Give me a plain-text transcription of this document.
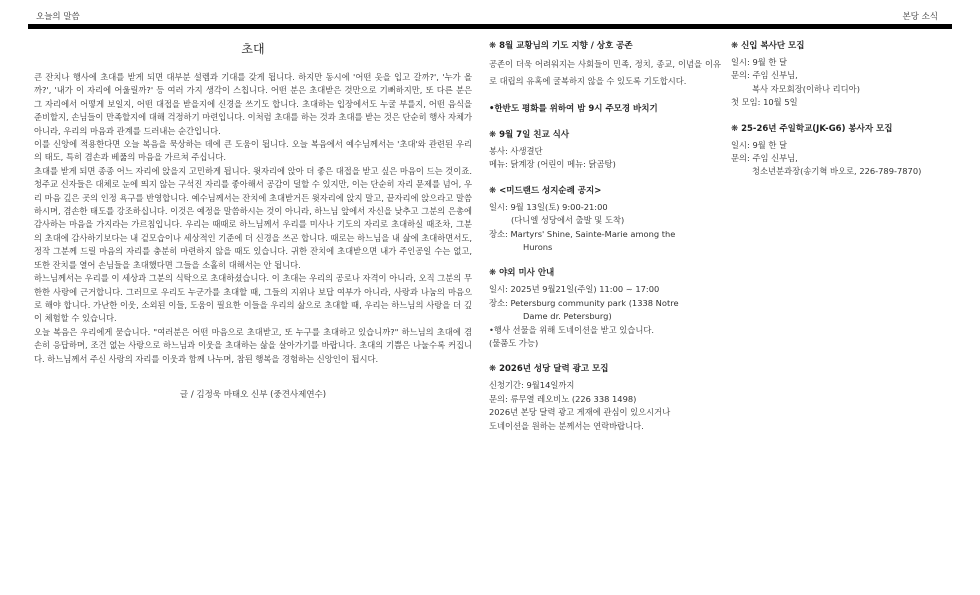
오늘의 말씀	본당 소식
초대

큰 잔치나 행사에 초대를 받게 되면 대부분 설렘과 기대를 갖게 됩니다. 하지만 동시에 '어떤 옷을 입고 갈까?', '누가 올까?', '내가 이 자리에 어울릴까?' 등 여러 가지 생각이 스칩니다. 어떤 분은 초대받은 것만으로 기뻐하지만, 또 다른 분은 그 자리에서 어떻게 보일지, 어떤 대접을 받을지에 신경을 쓰기도 합니다. 초대하는 입장에서도 누굴 부를지, 어떤 음식을 준비할지, 손님들이 만족할지에 대해 걱정하기 마련입니다. 이처럼 초대를 하는 것과 초대를 받는 것은 단순히 행사 자체가 아니라, 우리의 마음과 관계를 드러내는 순간입니다.

이를 신앙에 적용한다면 오늘 복음을 묵상하는 데에 큰 도움이 됩니다. 오늘 복음에서 예수님께서는 '초대'와 관련된 우리의 태도, 특히 겸손과 베풂의 마음을 가르쳐 주십니다.

초대를 받게 되면 종종 어느 자리에 앉을지 고민하게 됩니다. 윗자리에 앉아 더 좋은 대접을 받고 싶은 마음이 드는 것이죠. 청주교 신자들은 대체로 눈에 띄지 않는 구석진 자리를 좋아해서 공감이 덜할 수 있지만, 이는 단순히 자리 문제를 넘어, 우리 마음 깊은 곳의 인정 욕구를 반영합니다. 예수님께서는 잔치에 초대받거든 윗자리에 앉지 말고, 끝자리에 앉으라고 말씀하시며, 겸손한 태도를 강조하십니다. 이것은 예정을 말씀하시는 것이 아니라, 하느님 앞에서 자신을 낮추고 그분의 은총에 감사하는 마음을 가지라는 가르침입니다. 우리는 때때로 하느님께서 우리를 미사나 기도의 자리로 초대하실 때조차, 그분의 초대에 감사하기보다는 내 겉모습이나 세상적인 기준에 더 신경을 쓰곤 합니다. 때로는 하느님을 내 삶에 초대하면서도, 정작 그분께 드릴 마음의 자리를 충분히 마련하지 않을 때도 있습니다. 귀한 잔치에 초대받으면 내가 주인공일 수는 없고, 또한 잔치를 열어 손님들을 초대했다면 그들을 소홀히 대해서는 안 됩니다.

하느님께서는 우리를 이 세상과 그분의 식탁으로 초대하셨습니다. 이 초대는 우리의 공로나 자격이 아니라, 오직 그분의 무한한 사랑에 근거합니다. 그러므로 우리도 누군가를 초대할 때, 그들의 지위나 보답 여부가 아니라, 사랑과 나눔의 마음으로 해야 합니다. 가난한 이웃, 소외된 이들, 도움이 필요한 이들을 우리의 삶으로 초대할 때, 우리는 하느님의 사랑을 더 깊이 체험할 수 있습니다.

오늘 복음은 우리에게 묻습니다. "여러분은 어떤 마음으로 초대받고, 또 누구를 초대하고 있습니까?" 하느님의 초대에 겸손히 응답하며, 조건 없는 사랑으로 하느님과 이웃을 초대하는 삶을 살아가기를 바랍니다. 초대의 기쁨은 나눌수록 커집니다. 하느님께서 주신 사랑의 자리를 이웃과 함께 나누며, 참된 행복을 경험하는 신앙인이 됩시다.

글 / 김정욱 마태오 신부 (중견사제연수)
❋ 8월 교황님의 기도 지향 / 상호 공존
공존이 더욱 어려워지는 사회들이 민족, 정치, 종교, 이념을 이유로 대립의 유혹에 굴복하지 않을 수 있도록 기도합시다.
•한반도 평화를 위하여 밤 9시 주모경 바치기
❋ 9월 7일 친교 식사
봉사: 사생결단
메뉴: 닭계장 (어린이 메뉴: 닭곰탕)
❋ <미드랜드 성지순례 공지>
일시: 9월 13일(토) 9:00-21:00
(다니엘 성당에서 출발 및 도착)
장소: Martyrs' Shine, Sainte-Marie among the
Hurons
❋ 야외 미사 안내
일시: 2025년 9월21일(주일) 11:00 ~ 17:00
장소: Petersburg community park (1338 Notre
Dame dr. Petersburg)
•행사 선물을 위해 도네이션을 받고 있습니다.
(물품도 가능)
❋ 2026년 성당 달력 광고 모집
신청기간: 9월14일까지
문의: 류무열 레오비노 (226 338 1498)
2026년 본당 달력 광고 게재에 관심이 있으시거나
도네이션을 원하는 분께서는 연락바랍니다.
❋ 신입 복사단 모집
일시: 9월 한 달
문의: 주임 신부님,
복사 자모회장(이하나 리디아)
첫 모임: 10월 5일
❋ 25-26년 주일학교(JK-G6) 봉사자 모집
일시: 9월 한 달
문의: 주임 신부님,
청소년분과장(송기혁 바오로, 226-789-7870)
